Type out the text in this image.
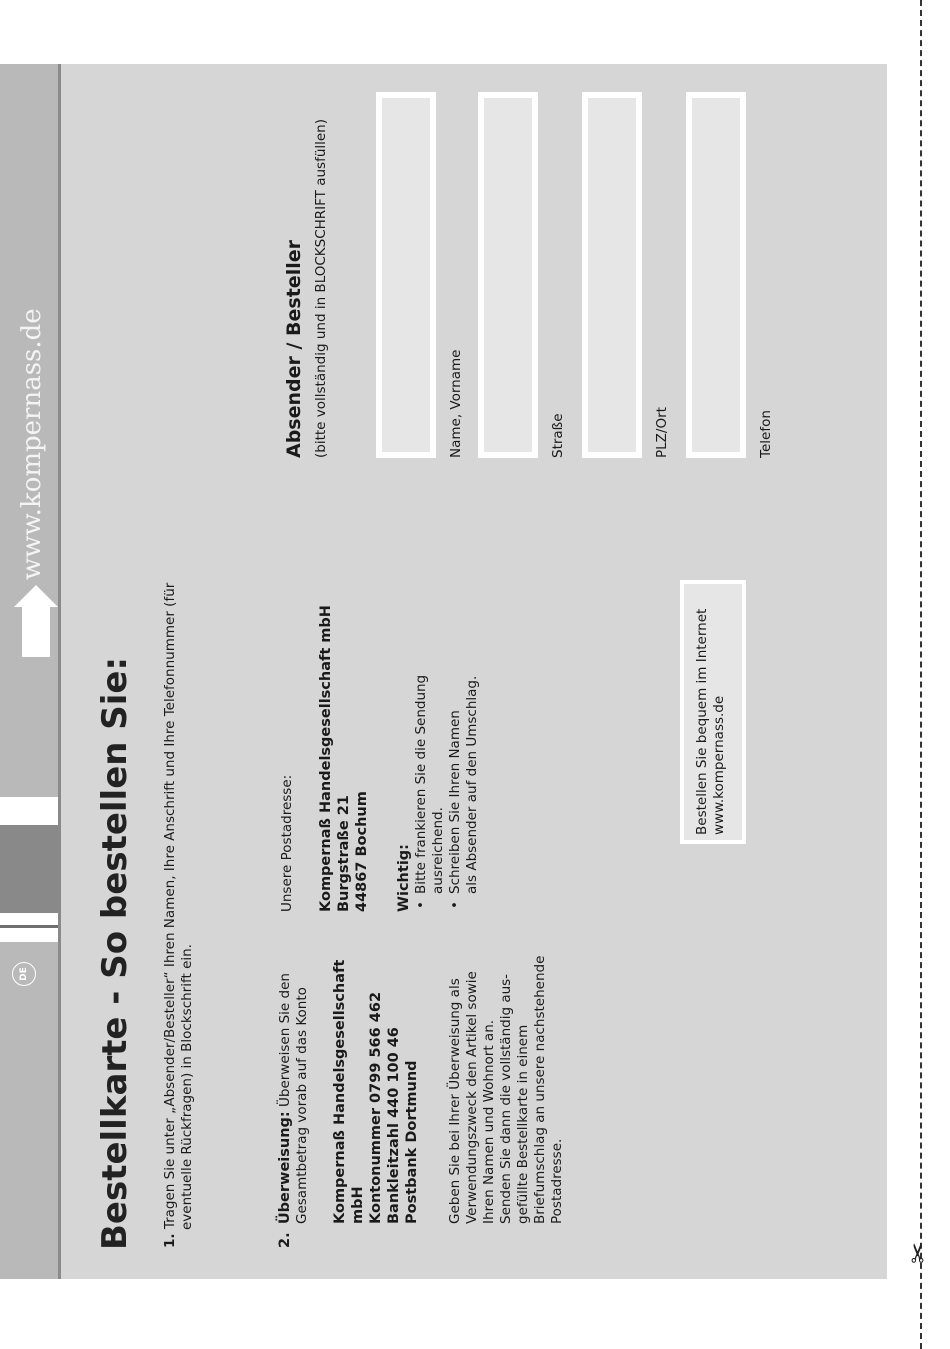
www.kompernass.de
DE Bestellkarte - So bestellen Sie: 1. Tragen Sie unter „Absender/Besteller“ Ihren Namen, Ihre Anschrift und Ihre Telefonnummer (für eventuelle Rückfragen) in Blockschrift ein.
2. Überweisung: Überweisen Sie den Gesamtbetrag vorab auf das Konto Kompernaß Handelsgesellschaft mbH Kontonummer 0799 566 462 Bankleitzahl 440 100 46 Postbank Dortmund Geben Sie bei Ihrer Überweisung als Verwendungszweck den Artikel sowie Ihren Namen und Wohnort an. Senden Sie dann die vollständig aus- gefüllte Bestellkarte in einem Briefumschlag an unsere nachstehende Postadresse.
Unsere Postadresse: Kompernaß Handelsgesellschaft mbH Burgstraße 21 44867 Bochum Wichtig: •
Bitte frankieren Sie die Sendung ausreichend.
•
Schreiben Sie Ihren Namen als Absender auf den Umschlag.	Bestellen Sie bequem im Internet www.kompernass.de
Absender / Besteller (bitte vollständig und in BLOCKSCHRIFT ausfüllen)	Name, Vorname	Straße	PLZ/Ort	Telefon
✂
